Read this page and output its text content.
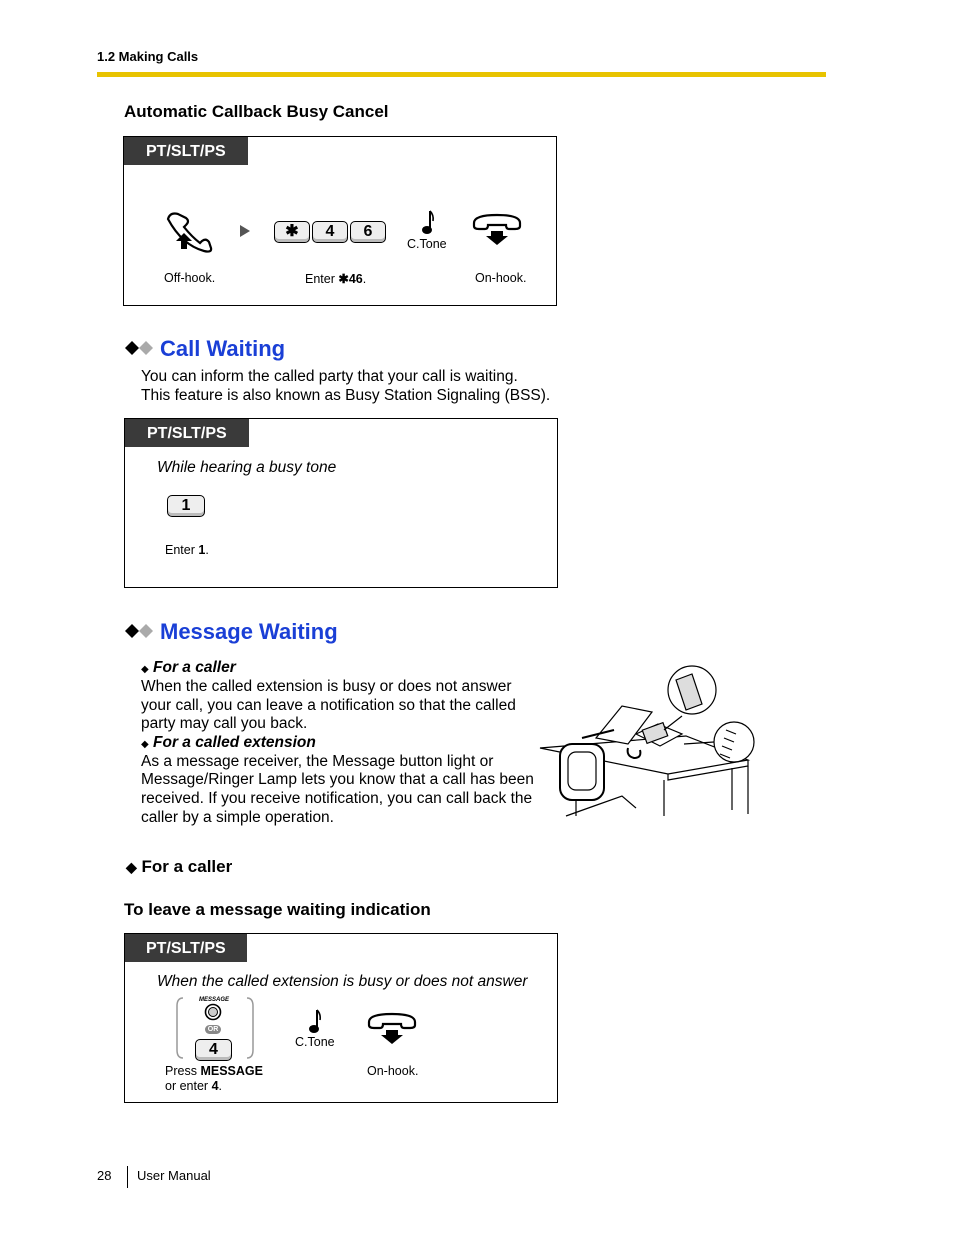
1.2 Making Calls
Automatic Callback Busy Cancel
PT/SLT/PS
✱	4	6
C.Tone
Off-hook.	Enter ✱46.	On-hook.
Call Waiting
You can inform the called party that your call is waiting.
This feature is also known as Busy Station Signaling (BSS).
PT/SLT/PS
While hearing a busy tone
1
Enter 1.
Message Waiting
◆ For a caller
When the called extension is busy or does not answer
your call, you can leave a notification so that the called
party may call you back.
◆ For a called extension
As a message receiver, the Message button light or
Message/Ringer Lamp lets you know that a call has been
received. If you receive notification, you can call back the
caller by a simple operation.
◆ For a caller
To leave a message waiting indication
PT/SLT/PS
When the called extension is busy or does not answer
MESSAGE
OR
4	C.Tone
Press MESSAGE
or enter 4.
On-hook.
28 User Manual
